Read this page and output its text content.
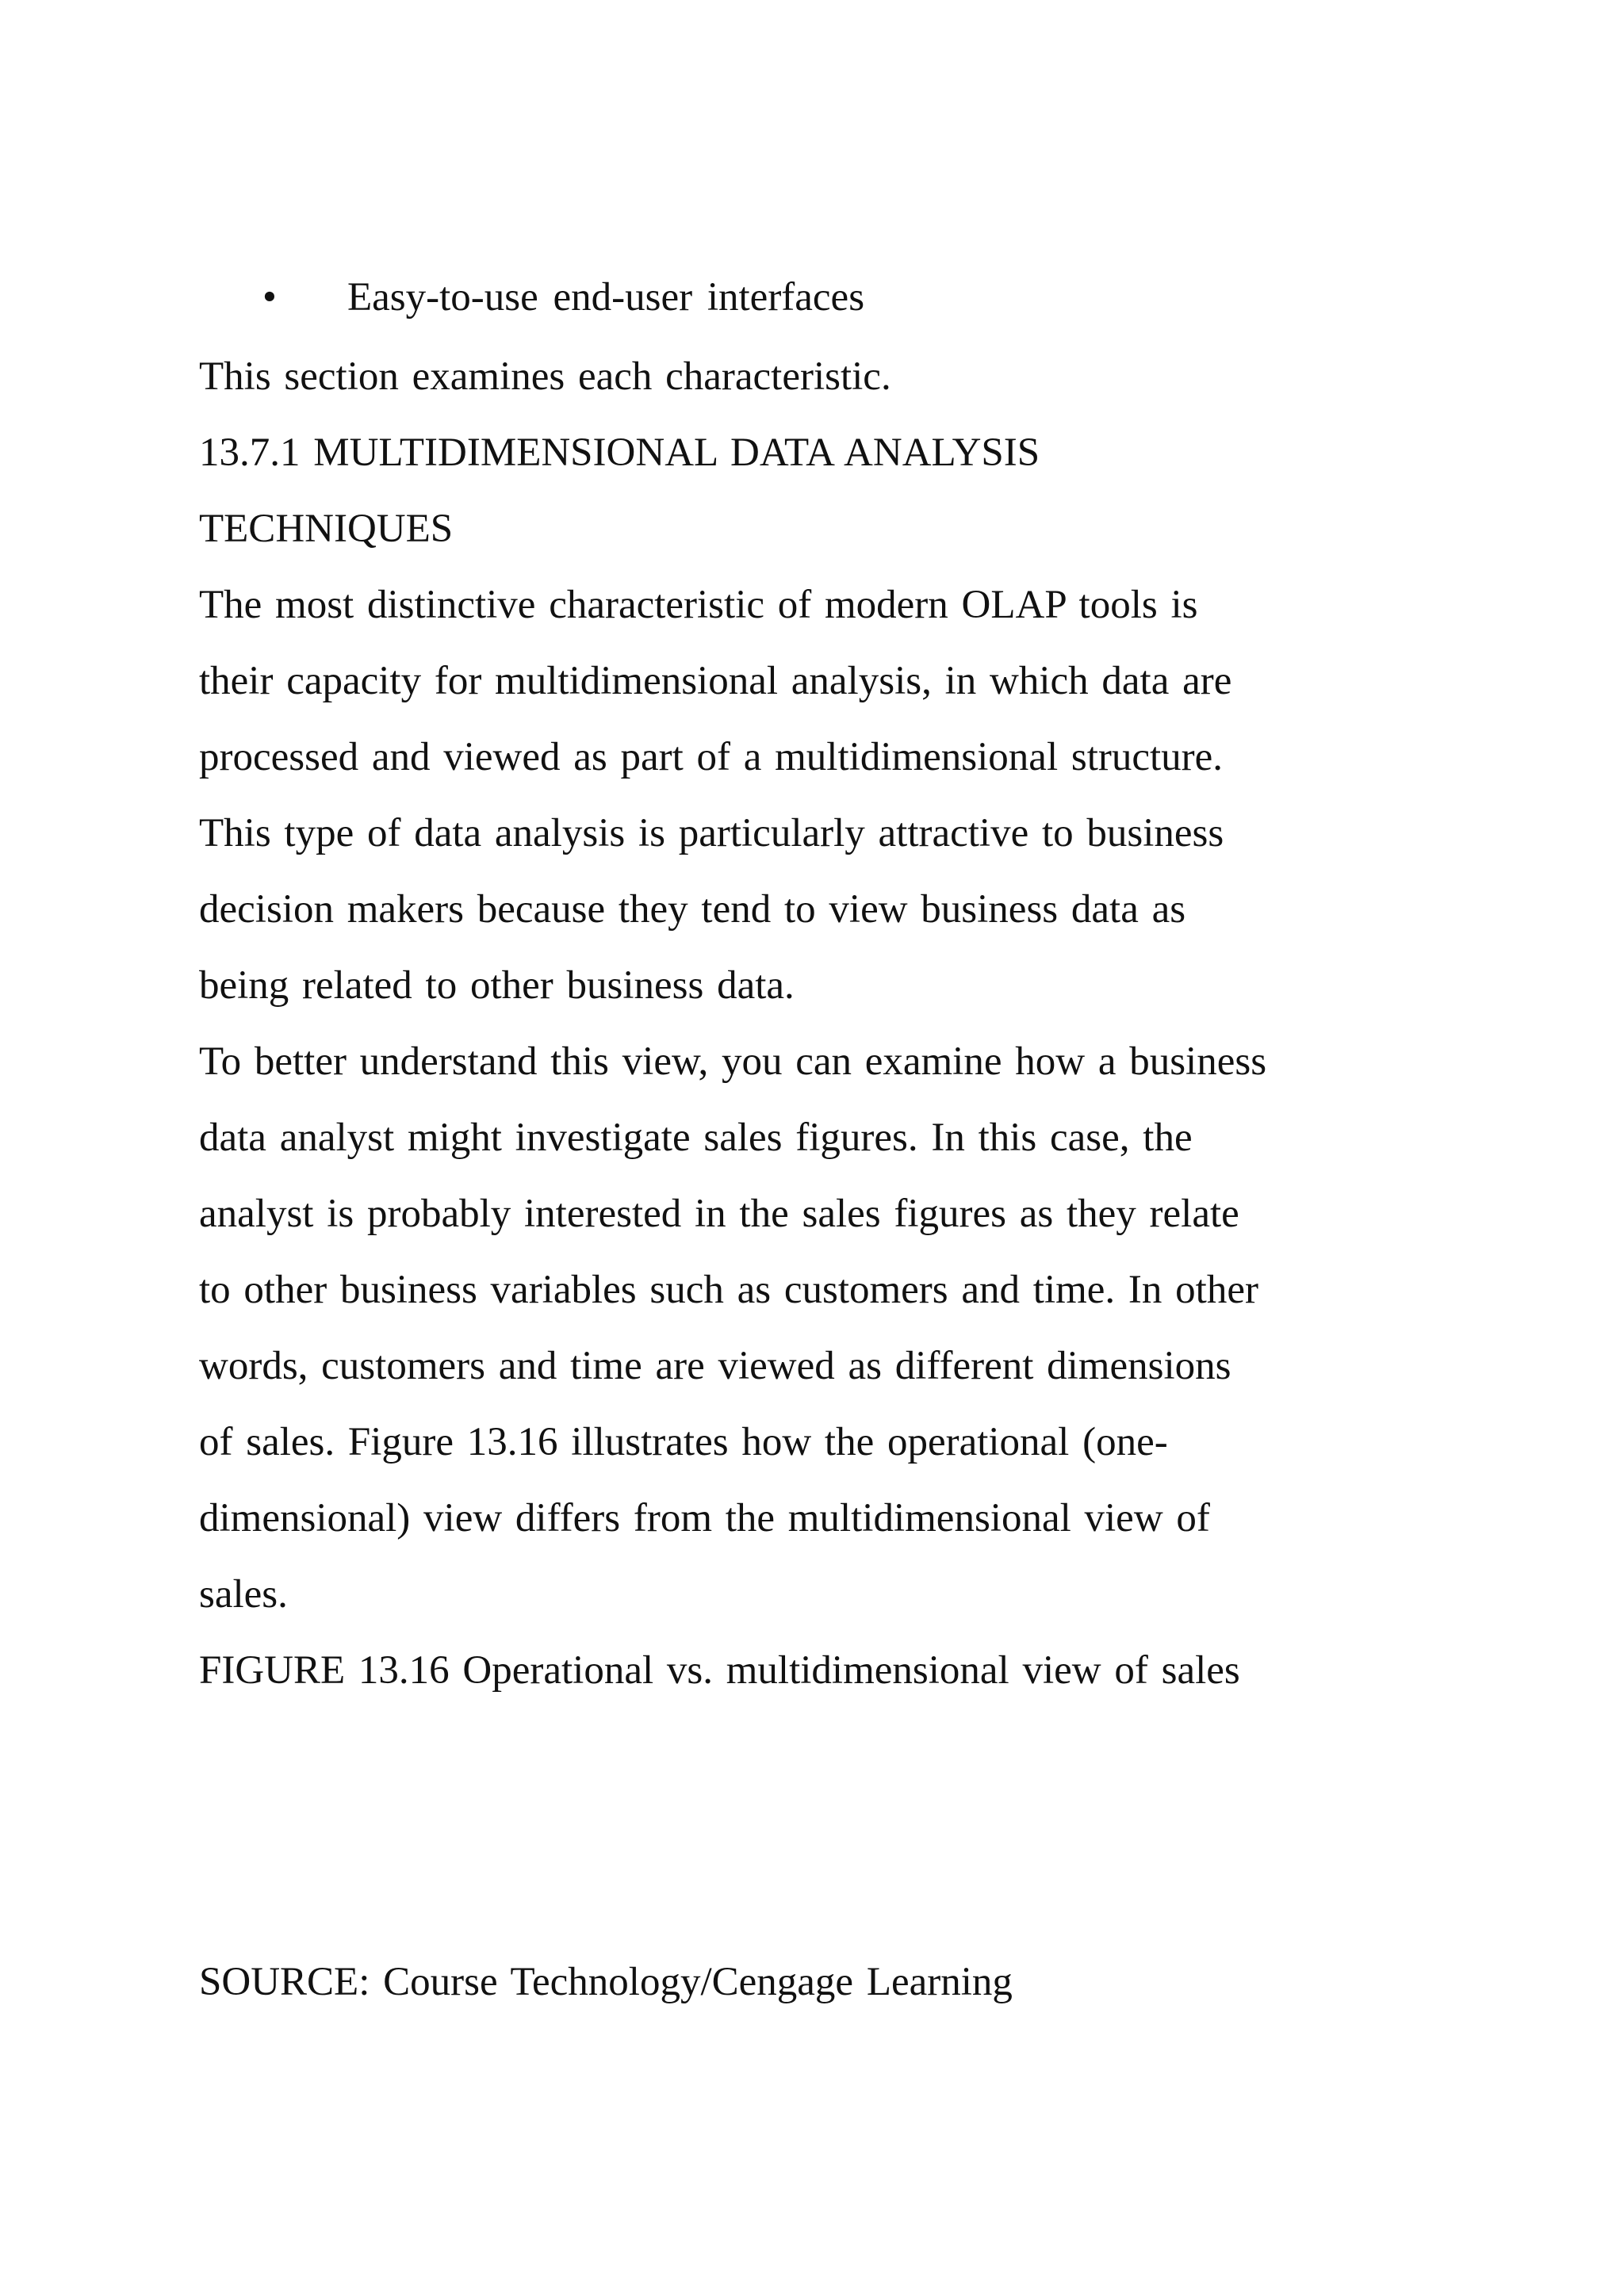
• Easy-to-use end-user interfaces
This section examines each characteristic.
13.7.1 MULTIDIMENSIONAL DATA ANALYSIS
TECHNIQUES
The most distinctive characteristic of modern OLAP tools is
their capacity for multidimensional analysis, in which data are
processed and viewed as part of a multidimensional structure.
This type of data analysis is particularly attractive to business
decision makers because they tend to view business data as
being related to other business data.
To better understand this view, you can examine how a business
data analyst might investigate sales figures. In this case, the
analyst is probably interested in the sales figures as they relate
to other business variables such as customers and time. In other
words, customers and time are viewed as different dimensions
of sales. Figure 13.16 illustrates how the operational (one-
dimensional) view differs from the multidimensional view of
sales.
FIGURE 13.16 Operational vs. multidimensional view of sales
SOURCE: Course Technology/Cengage Learning
